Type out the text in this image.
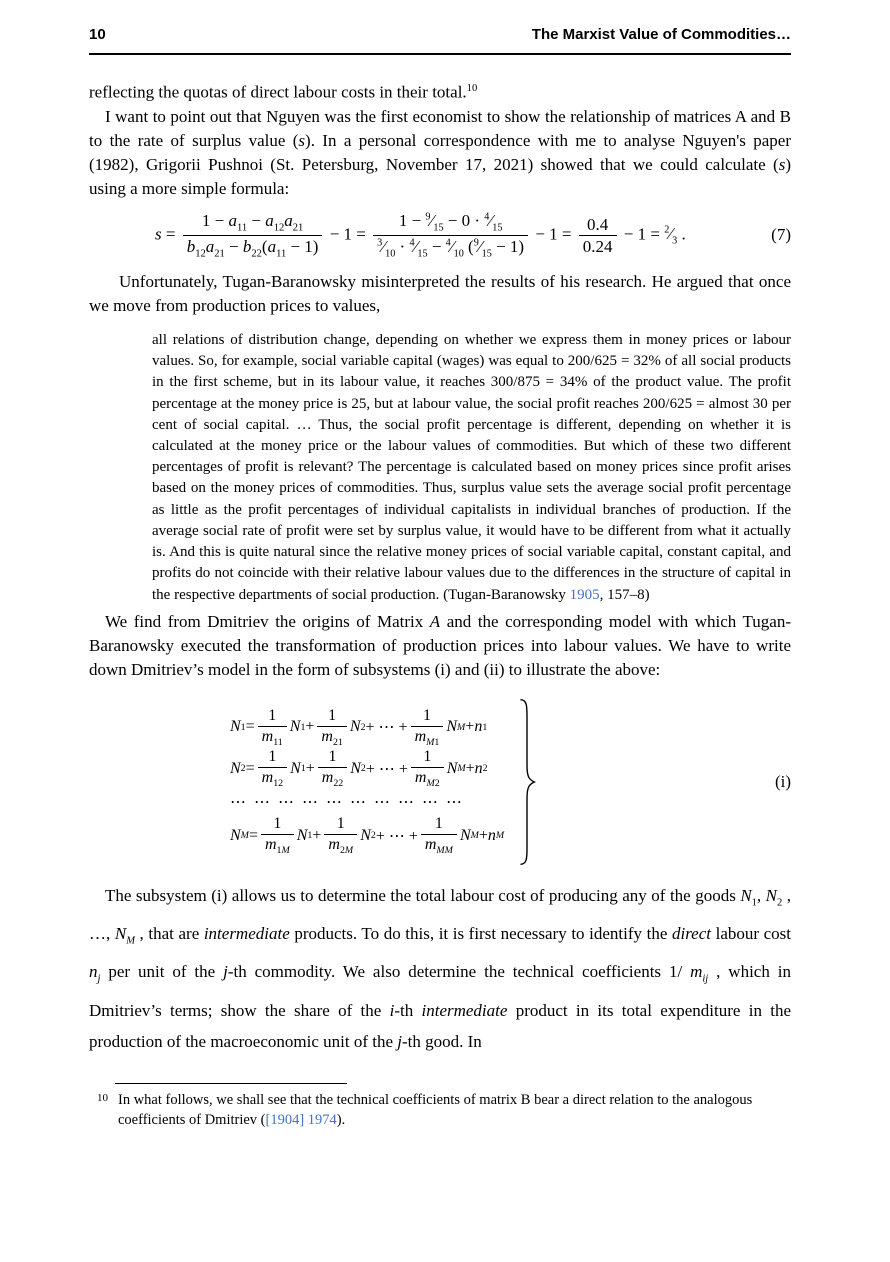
10	The Marxist Value of Commodities…

reflecting the quotas of direct labour costs in their total.$^{10}$

I want to point out that Nguyen was the first economist to show the relationship of matrices A and B to the rate of surplus value (s). In a personal correspondence with me to analyse Nguyen's paper (1982), Grigorii Pushnoi (St. Petersburg, November 17, 2021) showed that we could calculate (s) using a more simple formula:

$s = \frac{1 - a_{11} - a_{12}a_{21}}{b_{12}a_{21} - b_{22}(a_{11} - 1)} - 1 = \frac{1 - ^9⁄_{15} - 0 \cdot ^4⁄_{15}}{^3⁄_{10} \cdot ^4⁄_{15} - ^4⁄_{10} (^9⁄_{15} - 1)} - 1 = \frac{0.4}{0.24} - 1$ = $^2⁄_3$ .	(7)

Unfortunately, Tugan-Baranowsky misinterpreted the results of his research. He argued that once we move from production prices to values,

all relations of distribution change, depending on whether we express them in money prices or labour values. So, for example, social variable capital (wages) was equal to 200/625 = 32% of all social products in the first scheme, but in its labour value, it reaches 300/875 = 34% of the product value. The profit percentage at the money price is 25, but at labour value, the social profit reaches 200/625 = almost 30 per cent of social capital. … Thus, the social profit percentage is different, depending on whether it is calculated at the money price or the labour values of commodities. But which of these two different percentages of profit is relevant? The percentage is calculated based on money prices since profit arises based on the money prices of commodities. Thus, surplus value sets the average social profit percentage as little as the profit percentages of individual capitalists in individual branches of production. If the average social rate of profit were set by surplus value, it would have to be different from what it actually is. And this is quite natural since the relative money prices of social variable capital, constant capital, and profits do not coincide with their relative labour values due to the differences in the structure of capital in the respective departments of social production. (Tugan-Baranowsky 1905, 157–8)

We find from Dmitriev the origins of Matrix A and the corresponding model with which Tugan-Baranowsky executed the transformation of production prices into labour values. We have to write down Dmitriev’s model in the form of subsystems (i) and (ii) to illustrate the above:

N $1 = \frac{1}{m_{11}}$ N $1 + \frac{1}{m_{21}}$ N 2 + ⋯ + $\frac{1}{m_{M1}}$ N M + n 1
N $2 = \frac{1}{m_{12}}$ N $1 + \frac{1}{m_{22}}$ N 2 + ⋯ + $\frac{1}{m_{M2}}$ N M + n 2
⋯ ⋯ ⋯ ⋯ ⋯ ⋯ ⋯ ⋯ ⋯ ⋯
N $M = \frac{1}{m_{1M}}$ N $1 + \frac{1}{m_{2M}}$ N 2 + ⋯ + $\frac{1}{m_{MM}}$ N M + n M
(i)

The subsystem (i) allows us to determine the total labour cost of producing any of the goods $N_1$, $N_2$ , …, $N_M$ , that are intermediate products. To do this, it is first necessary to identify the direct labour cost $n_j$ per unit of the j-th commodity. We also determine the technical coefficients 1/ $m_{ij}$ , which in Dmitriev’s terms; show the share of the i-th intermediate product in its total expenditure in the production of the macroeconomic unit of the j-th good. In

10 In what follows, we shall see that the technical coefficients of matrix B bear a direct relation to the analogous coefficients of Dmitriev ([1904] 1974).
